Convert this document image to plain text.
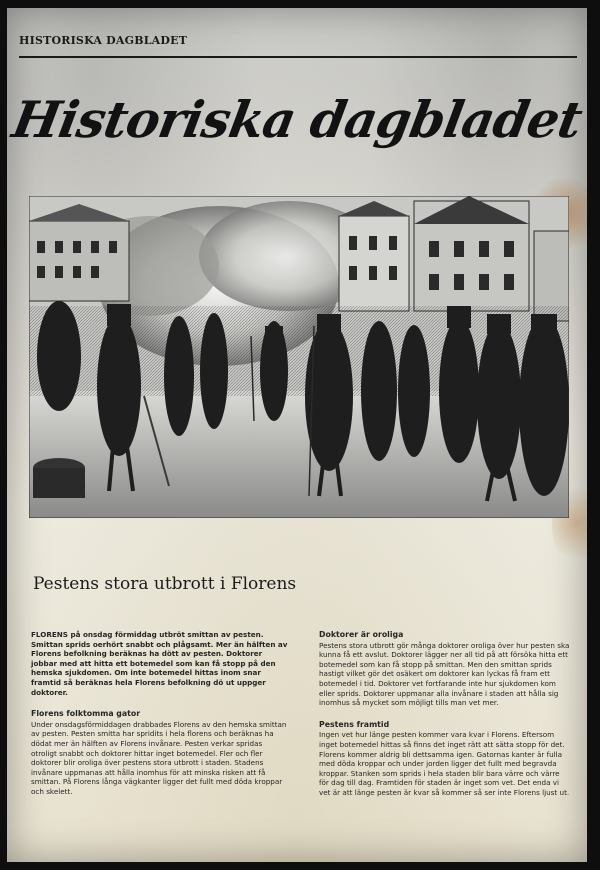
HISTORISKA DAGBLADET
Historiska dagbladet
Pestens stora utbrott i Florens

FLORENS på onsdag förmiddag utbröt smittan av pesten. Smittan sprids oerhört snabbt och plågsamt. Mer än hälften av Florens befolkning beräknas ha dött av pesten. Doktorer jobbar med att hitta ett botemedel som kan få stopp på den hemska sjukdomen. Om inte botemedel hittas inom snar framtid så beräknas hela Florens befolkning dö ut uppger doktorer.

Florens folktomma gator

Under onsdagsförmiddagen drabbades Florens av den hemska smittan av pesten. Pesten smitta har spridits i hela florens och beräknas ha dödat mer än hälften av Florens invånare. Pesten verkar spridas otroligt snabbt och doktorer hittar inget botemedel. Fler och fler doktorer blir oroliga över pestens stora utbrott i staden. Stadens invånare uppmanas att hålla inomhus för att minska risken att få smittan. På Florens långa vägkanter ligger det fullt med döda kroppar och skelett.

Doktorer är oroliga

Pestens stora utbrott gör många doktorer oroliga över hur pesten ska kunna få ett avslut. Doktorer lägger ner all tid på att försöka hitta ett botemedel som kan få stopp på smittan. Men den smittan sprids hastigt vilket gör det osäkert om doktorer kan lyckas få fram ett botemedel i tid. Doktorer vet fortfarande inte hur sjukdomen kom eller sprids. Doktorer uppmanar alla invånare i staden att hålla sig inomhus så mycket som möjligt tills man vet mer.

Pestens framtid

Ingen vet hur länge pesten kommer vara kvar i Florens. Eftersom inget botemedel hittas så finns det inget rätt att sätta stopp för det. Florens kommer aldrig bli dettsamma igen. Gatornas kanter är fulla med döda kroppar och under jorden ligger det fullt med begravda kroppar. Stanken som sprids i hela staden blir bara värre och värre för dag till dag. Framtiden för staden är inget som vet. Det enda vi vet är att länge pesten är kvar så kommer så ser inte Florens ljust ut.
